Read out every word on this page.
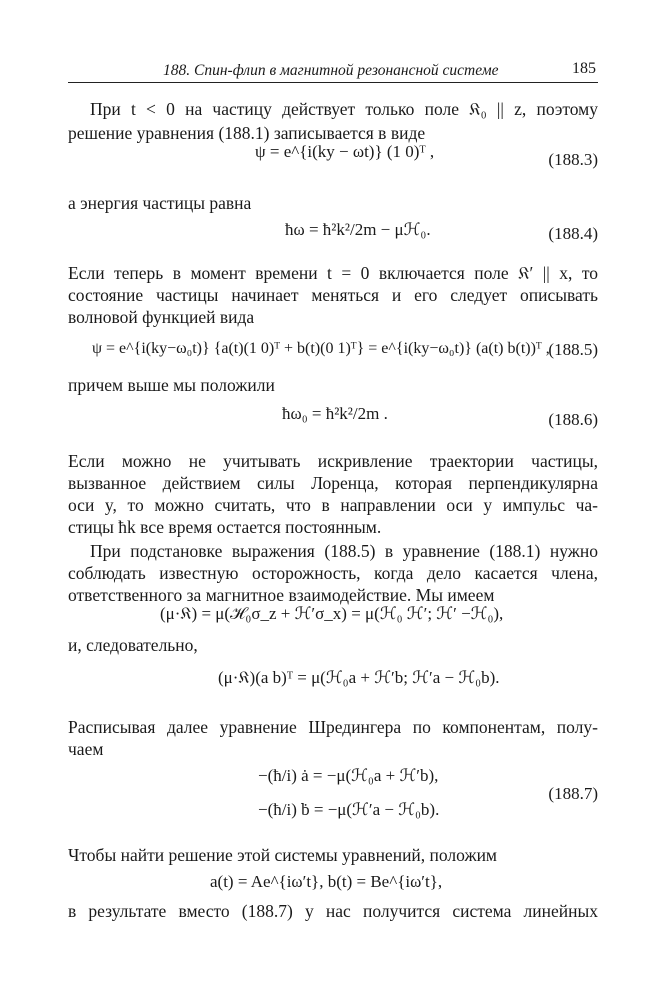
188. Спин-флип в магнитной резонансной системе	185
При t < 0 на частицу действует только поле 𝔎₀ || z, поэтому
решение уравнения (188.1) записывается в виде
ψ = e^{i(ky − ωt)} (1 0)ᵀ ,	(188.3)
а энергия частицы равна
ħω = ħ²k²/2m − μℋ₀.	(188.4)
Если теперь в момент времени t = 0 включается поле 𝔎′ || x, то
состояние частицы начинает меняться и его следует описывать
волновой функцией вида
ψ = e^{i(ky−ω₀t)} {a(t)(1 0)ᵀ + b(t)(0 1)ᵀ} = e^{i(ky−ω₀t)} (a(t) b(t))ᵀ ,
(188.5)
причем выше мы положили
ħω₀ = ħ²k²/2m .	(188.6)
Если можно не учитывать искривление траектории частицы,
вызванное действием силы Лоренца, которая перпендикулярна
оси y, то можно считать, что в направлении оси y импульс ча-
стицы ħk все время остается постоянным.
При подстановке выражения (188.5) в уравнение (188.1) нужно
соблюдать известную осторожность, когда дело касается члена,
ответственного за магнитное взаимодействие. Мы имеем
(μ·𝔎) = μ(ℋ₀σ_z + ℋ′σ_x) = μ(ℋ₀ ℋ′; ℋ′ −ℋ₀),
и, следовательно,
(μ·𝔎)(a b)ᵀ = μ(ℋ₀a + ℋ′b; ℋ′a − ℋ₀b).
Расписывая далее уравнение Шредингера по компонентам, полу-
чаем
−(ħ/i) ȧ = −μ(ℋ₀a + ℋ′b),
−(ħ/i) ḃ = −μ(ℋ′a − ℋ₀b).
(188.7)
Чтобы найти решение этой системы уравнений, положим
a(t) = Ae^{iω′t}, b(t) = Be^{iω′t},
в результате вместо (188.7) у нас получится система линейных
